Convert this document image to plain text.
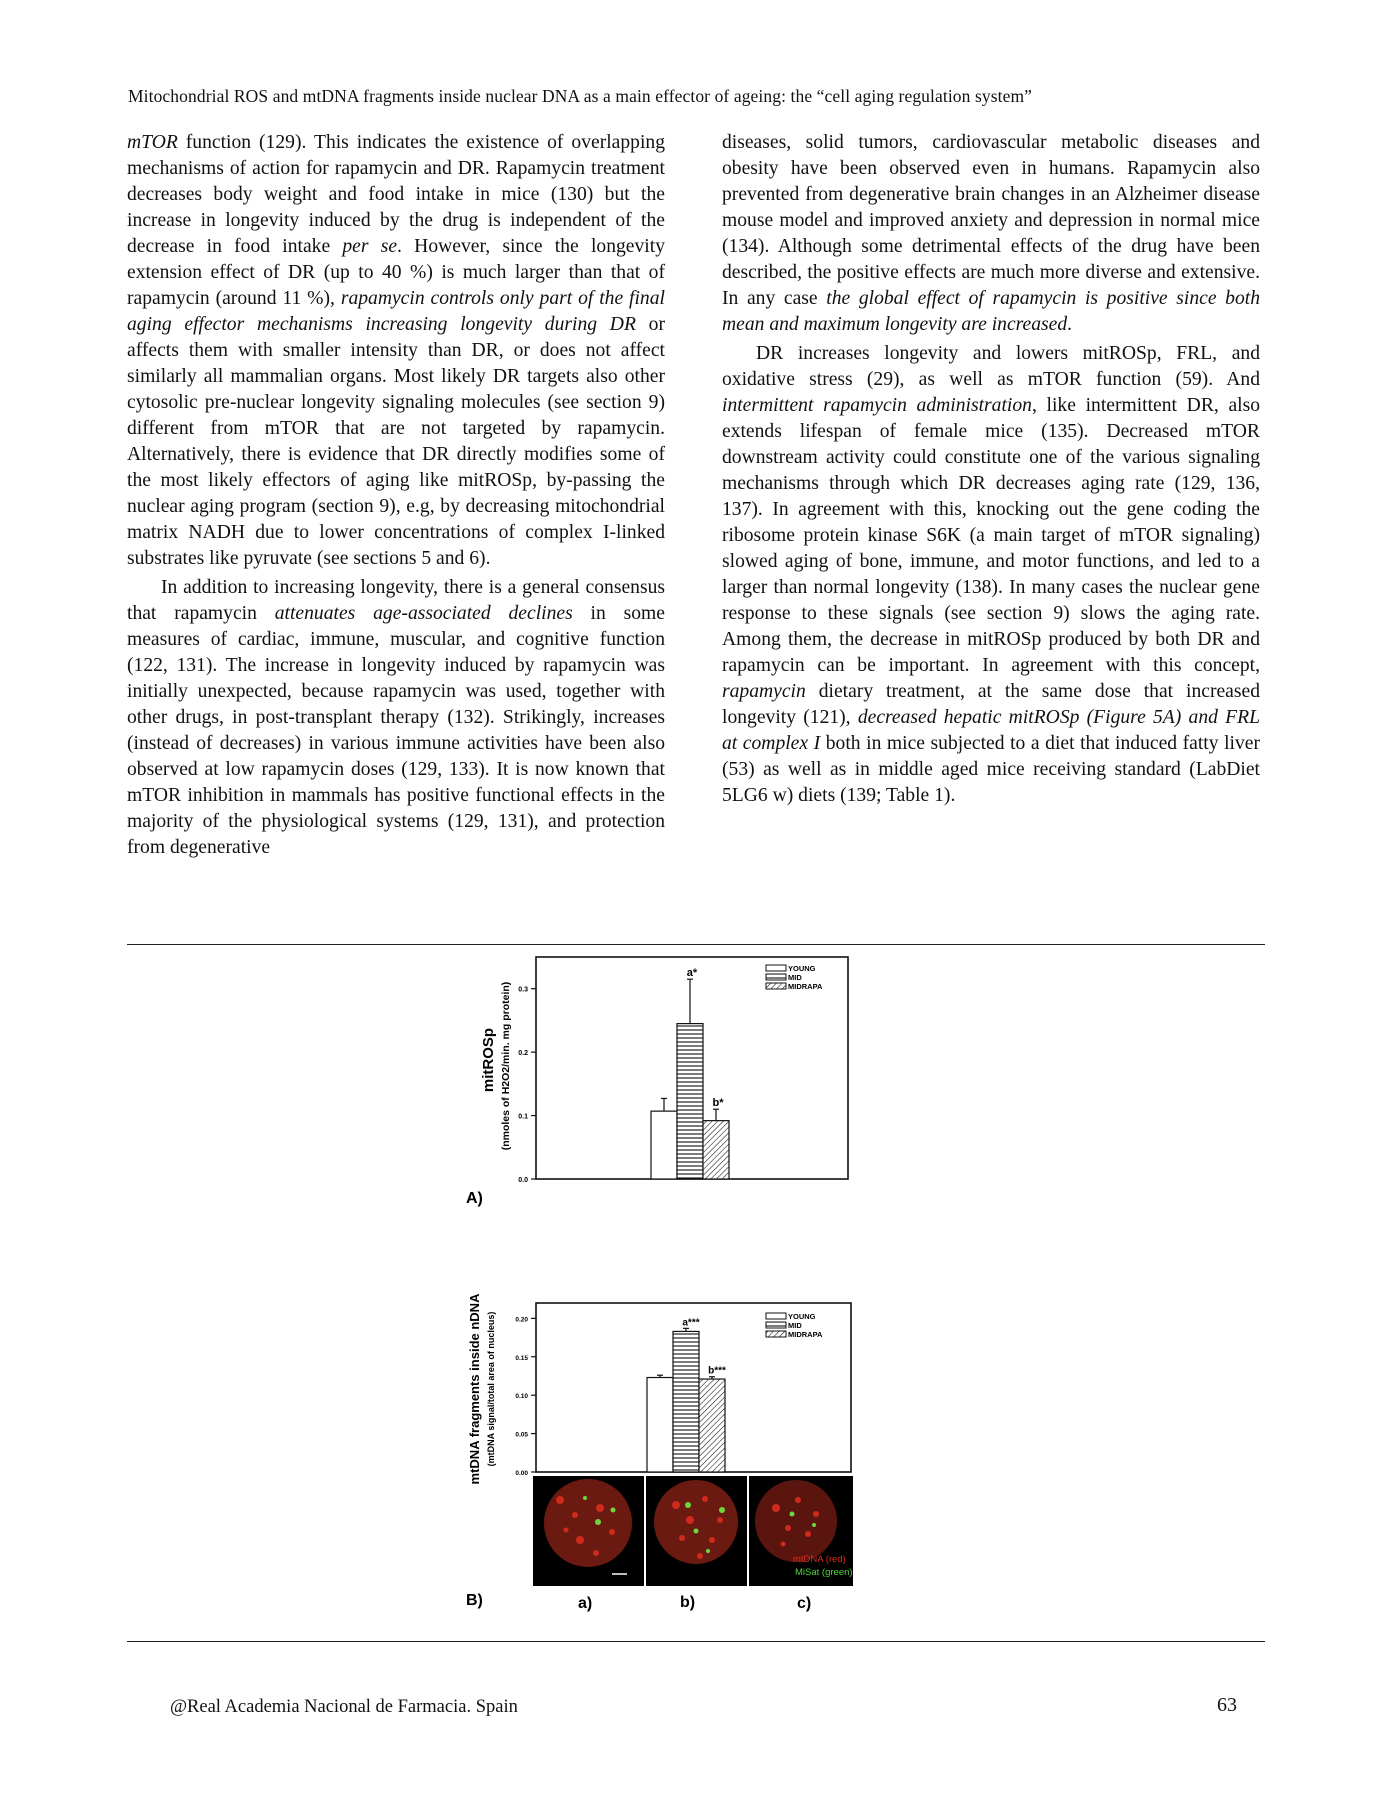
Mitochondrial ROS and mtDNA fragments inside nuclear DNA as a main effector of ageing: the “cell aging regulation system”

mTOR function (129). This indicates the existence of overlapping mechanisms of action for rapamycin and DR. Rapamycin treatment decreases body weight and food intake in mice (130) but the increase in longevity induced by the drug is independent of the decrease in food intake per se. However, since the longevity extension effect of DR (up to 40 %) is much larger than that of rapamycin (around 11 %), rapamycin controls only part of the final aging effector mechanisms increasing longevity during DR or affects them with smaller intensity than DR, or does not affect similarly all mammalian organs. Most likely DR targets also other cytosolic pre-nuclear longevity signaling molecules (see section 9) different from mTOR that are not targeted by rapamycin. Alternatively, there is evidence that DR directly modifies some of the most likely effectors of aging like mitROSp, by-passing the nuclear aging program (section 9), e.g, by decreasing mitochondrial matrix NADH due to lower concentrations of complex I-linked substrates like pyruvate (see sections 5 and 6).

In addition to increasing longevity, there is a general consensus that rapamycin attenuates age-associated declines in some measures of cardiac, immune, muscular, and cognitive function (122, 131). The increase in longevity induced by rapamycin was initially unexpected, because rapamycin was used, together with other drugs, in post-transplant therapy (132). Strikingly, increases (instead of decreases) in various immune activities have been also observed at low rapamycin doses (129, 133). It is now known that mTOR inhibition in mammals has positive functional effects in the majority of the physiological systems (129, 131), and protection from degenerative

diseases, solid tumors, cardiovascular metabolic diseases and obesity have been observed even in humans. Rapamycin also prevented from degenerative brain changes in an Alzheimer disease mouse model and improved anxiety and depression in normal mice (134). Although some detrimental effects of the drug have been described, the positive effects are much more diverse and extensive. In any case the global effect of rapamycin is positive since both mean and maximum longevity are increased.

DR increases longevity and lowers mitROSp, FRL, and oxidative stress (29), as well as mTOR function (59). And intermittent rapamycin administration, like intermittent DR, also extends lifespan of female mice (135). Decreased mTOR downstream activity could constitute one of the various signaling mechanisms through which DR decreases aging rate (129, 136, 137). In agreement with this, knocking out the gene coding the ribosome protein kinase S6K (a main target of mTOR signaling) slowed aging of bone, immune, and motor functions, and led to a larger than normal longevity (138). In many cases the nuclear gene response to these signals (see section 9) slows the aging rate. Among them, the decrease in mitROSp produced by both DR and rapamycin can be important. In agreement with this concept, rapamycin dietary treatment, at the same dose that increased longevity (121), decreased hepatic mitROSp (Figure 5A) and FRL at complex I both in mice subjected to a diet that induced fatty liver (53) as well as in middle aged mice receiving standard (LabDiet 5LG6 w) diets (139; Table 1).

0.0
0.1
0.2
0.3
a*
b*
YOUNG
MID
MIDRAPA
mitROSp (nmoles of H2O2/min. mg protein)
A)
0.00
0.05
0.10
0.15
0.20	a***
b***
YOUNG
MID
MIDRAPA
mtDNA fragments inside nDNA (mtDNA signal/total area of nucleus)
B)
mtDNA (red)
MiSat (green)
a)	b)	c)
@Real Academia Nacional de Farmacia. Spain	63
